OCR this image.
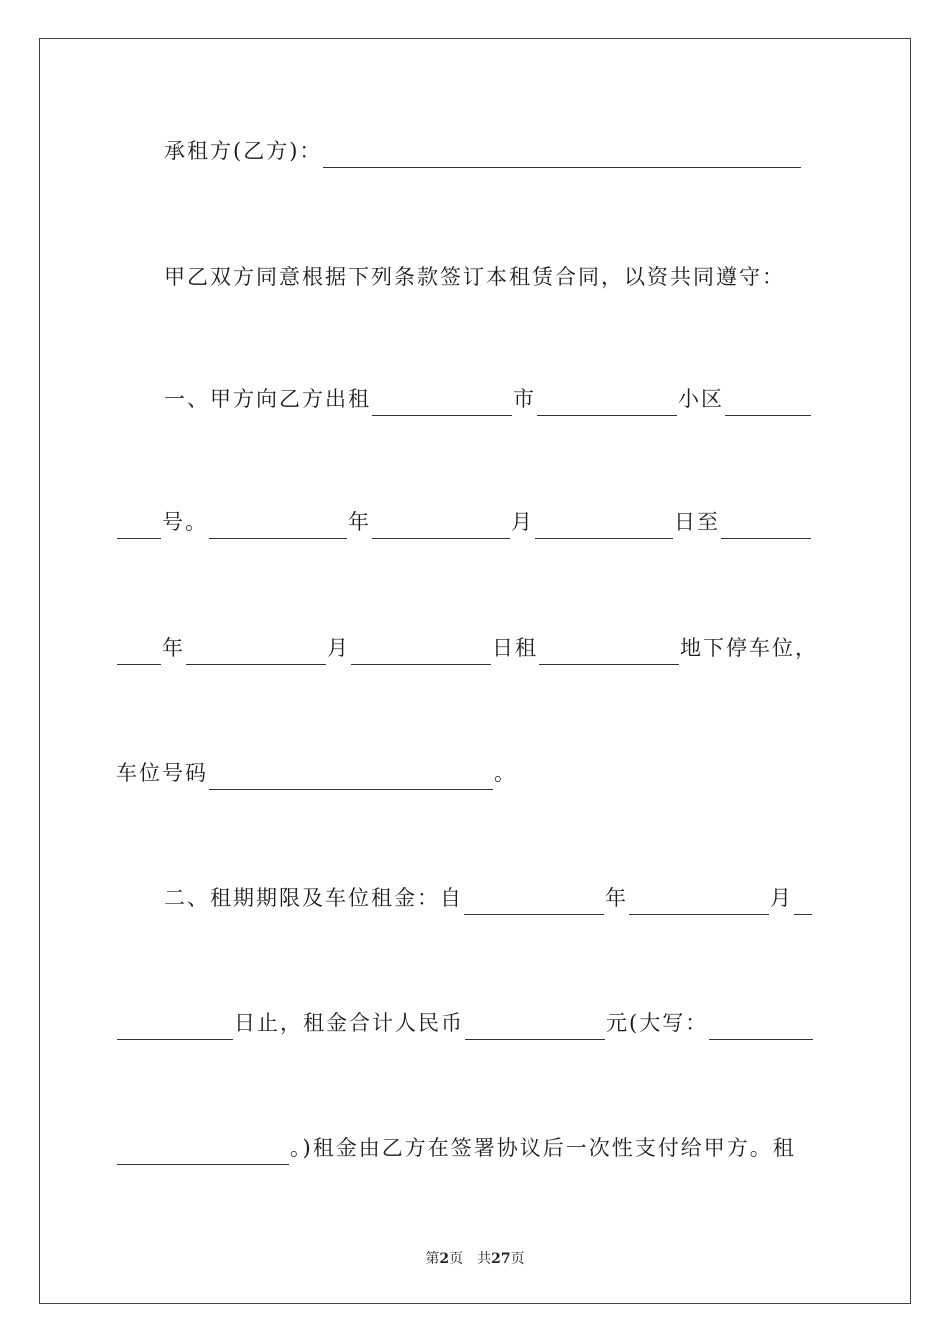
承租方(乙方)：
甲乙双方同意根据下列条款签订本租赁合同，以资共同遵守：
一、甲方向乙方出租	市	小区
号。	年	月	日至
年	月	日租	地下停车位，
车位号码	。
二、租期期限及车位租金：自	年	月
日止，租金合计人民币	元(大写：
。)租金由乙方在签署协议后一次性支付给甲方。租
第2页 共27页
